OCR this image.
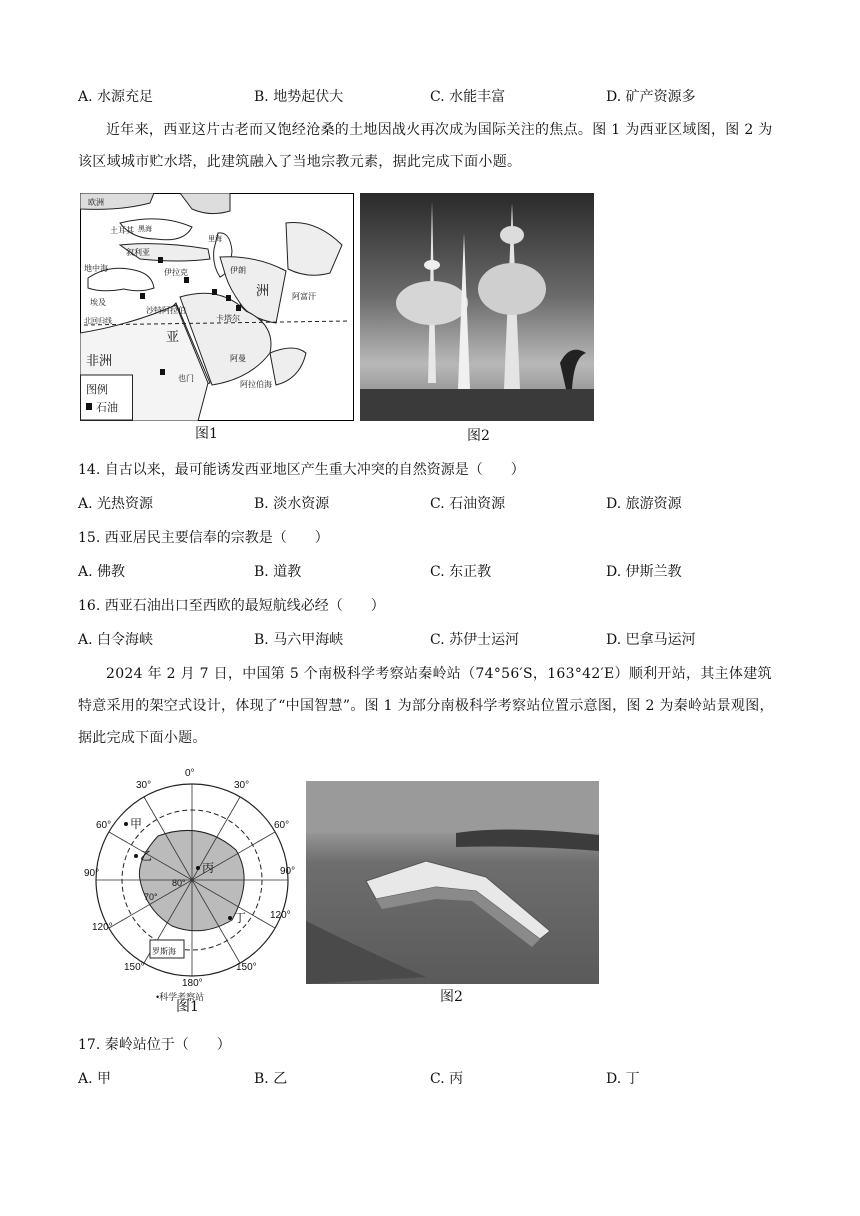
A. 水源充足	B. 地势起伏大	C. 水能丰富	D. 矿产资源多
近年来，西亚这片古老而又饱经沧桑的土地因战火再次成为国际关注的焦点。图 1 为西亚区域图，图 2 为该区域城市贮水塔，此建筑融入了当地宗教元素，据此完成下面小题。
欧洲
土耳其
地中海
叙利亚
伊拉克	伊朗
阿富汗
埃及
沙特阿拉伯
卡塔尔
亚
洲
也门
阿曼
阿拉伯海
非洲
里海
黑海
北回归线
图例
石油
图1	图2
14. 自古以来，最可能诱发西亚地区产生重大冲突的自然资源是（　　）
A. 光热资源	B. 淡水资源	C. 石油资源	D. 旅游资源
15. 西亚居民主要信奉的宗教是（　　）
A. 佛教	B. 道教	C. 东正教	D. 伊斯兰教
16. 西亚石油出口至西欧的最短航线必经（　　）
A. 白令海峡	B. 马六甲海峡	C. 苏伊士运河	D. 巴拿马运河
2024 年 2 月 7 日，中国第 5 个南极科学考察站秦岭站（74°56′S，163°42′E）顺利开站，其主体建筑特意采用的架空式设计，体现了“中国智慧”。图 1 为部分南极科学考察站位置示意图，图 2 为秦岭站景观图，据此完成下面小题。
0°
30°	30°
60°	60°
90°	90°
120°
120°
150°	150°
180°
80°
70°
甲
乙
丙
丁
罗斯海
•科学考察站
图1
图2
17. 秦岭站位于（　　）
A. 甲	B. 乙	C. 丙	D. 丁
